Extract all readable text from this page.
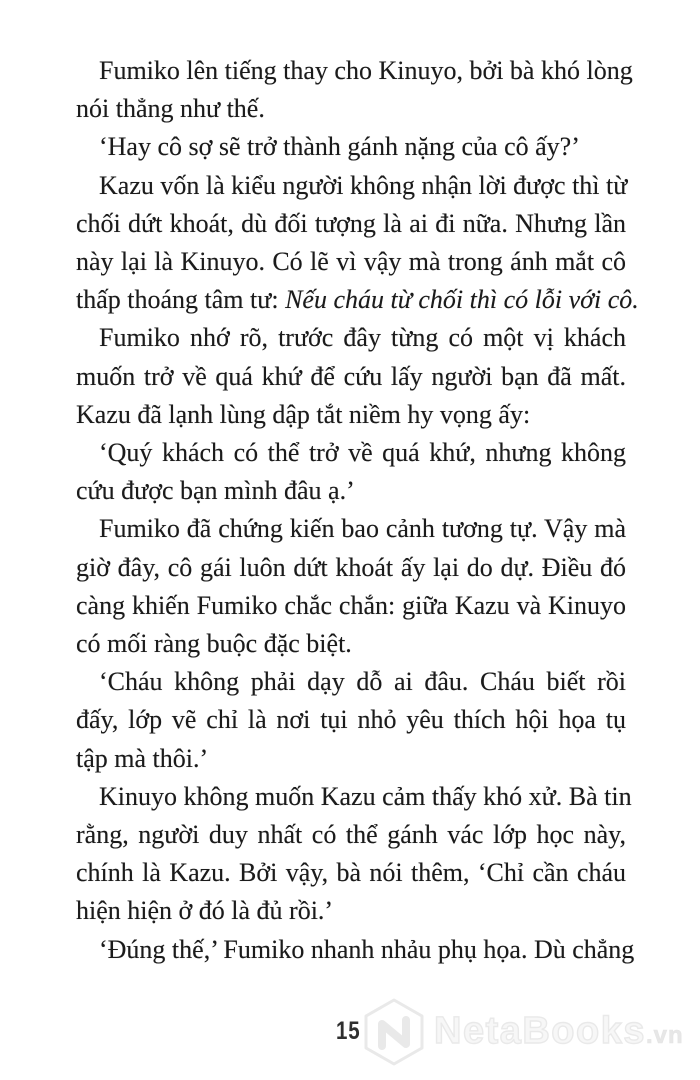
Fumiko lên tiếng thay cho Kinuyo, bởi bà khó lòng
nói thẳng như thế.
‘Hay cô sợ sẽ trở thành gánh nặng của cô ấy?’
Kazu vốn là kiểu người không nhận lời được thì từ
chối dứt khoát, dù đối tượng là ai đi nữa. Nhưng lần
này lại là Kinuyo. Có lẽ vì vậy mà trong ánh mắt cô
thấp thoáng tâm tư: Nếu cháu từ chối thì có lỗi với cô.
Fumiko nhớ rõ, trước đây từng có một vị khách
muốn trở về quá khứ để cứu lấy người bạn đã mất.
Kazu đã lạnh lùng dập tắt niềm hy vọng ấy:
‘Quý khách có thể trở về quá khứ, nhưng không
cứu được bạn mình đâu ạ.’
Fumiko đã chứng kiến bao cảnh tương tự. Vậy mà
giờ đây, cô gái luôn dứt khoát ấy lại do dự. Điều đó
càng khiến Fumiko chắc chắn: giữa Kazu và Kinuyo
có mối ràng buộc đặc biệt.
‘Cháu không phải dạy dỗ ai đâu. Cháu biết rồi
đấy, lớp vẽ chỉ là nơi tụi nhỏ yêu thích hội họa tụ
tập mà thôi.’
Kinuyo không muốn Kazu cảm thấy khó xử. Bà tin
rằng, người duy nhất có thể gánh vác lớp học này,
chính là Kazu. Bởi vậy, bà nói thêm, ‘Chỉ cần cháu
hiện hiện ở đó là đủ rồi.’
‘Đúng thế,’ Fumiko nhanh nhảu phụ họa. Dù chẳng
15 NetaBooks.vn
